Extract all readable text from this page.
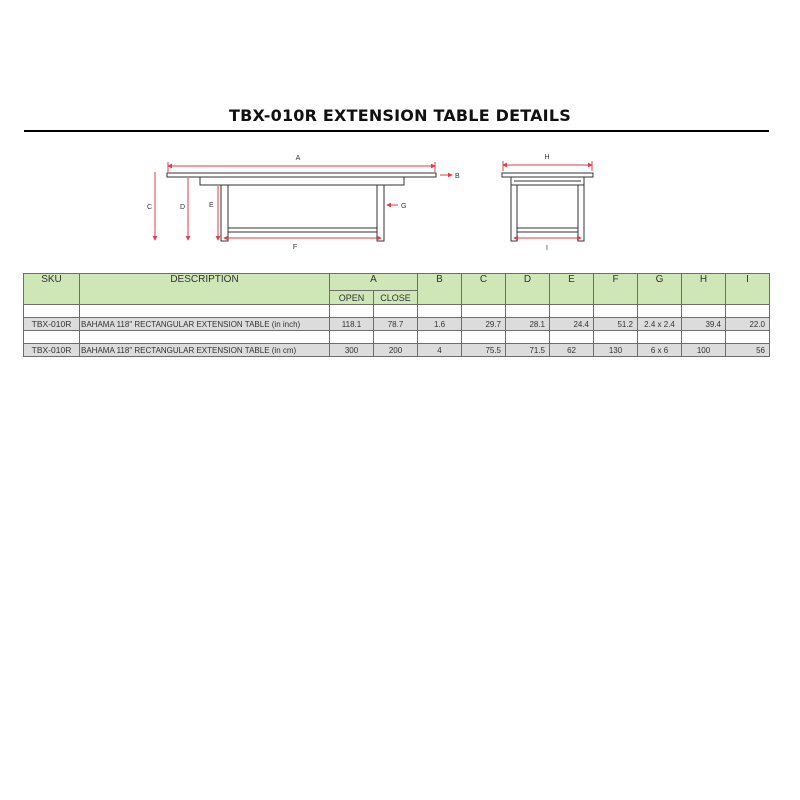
TBX-010R EXTENSION TABLE DETAILS
A
B
C	D	E
F
G
H
I
SKU	DESCRIPTION	A		B	C	D	E	F	G	H	I
		OPEN	CLOSE								

TBX-010R	BAHAMA 118" RECTANGULAR EXTENSION TABLE (in inch)	118.1	78.7	1.6	29.7	28.1	24.4	51.2	2.4 x 2.4	39.4	22.0

TBX-010R	BAHAMA 118" RECTANGULAR EXTENSION TABLE (in cm)	300	200	4	75.5	71.5	62	130	6 x 6	100	56
